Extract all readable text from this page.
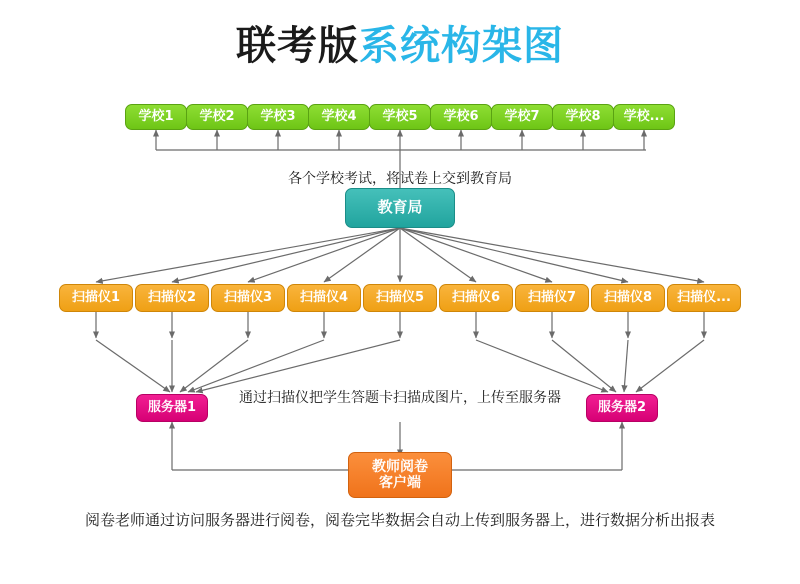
联考版系统构架图
学校1 学校2 学校3 学校4 学校5 学校6 学校7 学校8 学校...
各个学校考试，将试卷上交到教育局
教育局
扫描仪1 扫描仪2 扫描仪3 扫描仪4 扫描仪5 扫描仪6 扫描仪7 扫描仪8 扫描仪...
通过扫描仪把学生答题卡扫描成图片，上传至服务器
服务器1	服务器2
教师阅卷
客户端
阅卷老师通过访问服务器进行阅卷，阅卷完毕数据会自动上传到服务器上，进行数据分析出报表
